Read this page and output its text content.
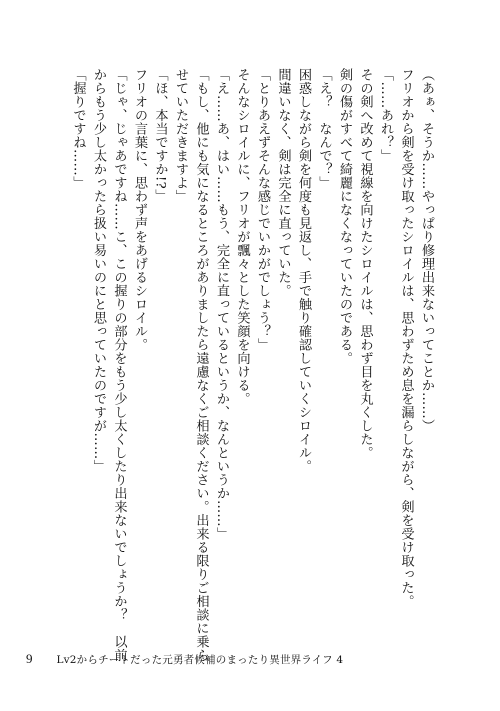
（あぁ、そうか……やっぱり修理出来ないってことか……）
フリオから剣を受け取ったシロイルは、思わずため息を漏らしながら、剣を受け取った。
「……あれ？」
その剣へ改めて視線を向けたシロイルは、思わず目を丸くした。
剣の傷がすべて綺麗になくなっていたのである。
「え？　なんで？」
困惑しながら剣を何度も見返し、手で触り確認していくシロイル。
間違いなく、剣は完全に直っていた。
「とりあえずそんな感じでいかがでしょう？」
そんなシロイルに、フリオが飄々とした笑顔を向ける。
「え……あ、はい……もう、完全に直っているというか、なんというか……」
「もし、他にも気になるところがありましたら遠慮なくご相談ください。出来る限りご相談に乗ら
せていただきますよ」
「ほ、本当ですか!?」
フリオの言葉に、思わず声をあげるシロイル。
「じゃ、じゃあですね……こ、この握りの部分をもう少し太くしたり出来ないでしょうか？　以前
からもう少し太かったら扱い易いのにと思っていたのですが……」
「握りですね……」
9 Lv2からチートだった元勇者候補のまったり異世界ライフ 4
